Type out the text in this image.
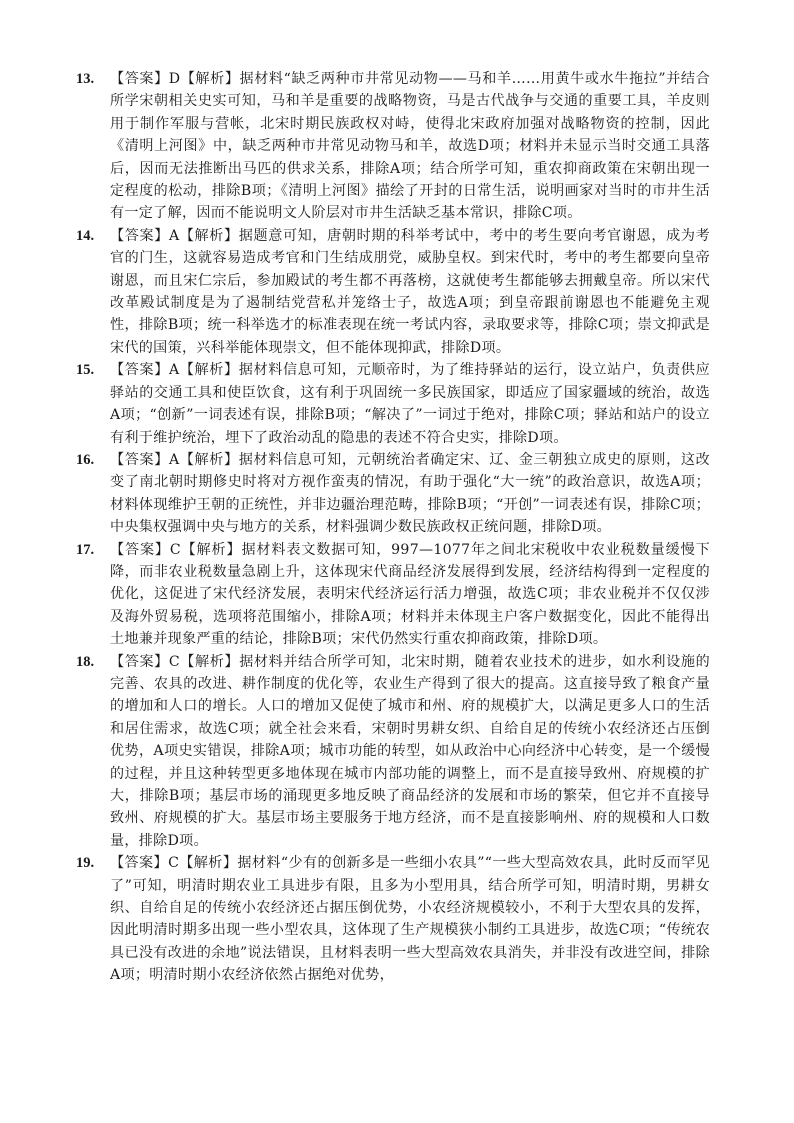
13.	【答案】D【解析】据材料“缺乏两种市井常见动物——马和羊……用黄牛或水牛拖拉”并结合所学宋朝相关史实可知，马和羊是重要的战略物资，马是古代战争与交通的重要工具，羊皮则用于制作军服与营帐，北宋时期民族政权对峙，使得北宋政府加强对战略物资的控制，因此《清明上河图》中，缺乏两种市井常见动物马和羊，故选D项；材料并未显示当时交通工具落后，因而无法推断出马匹的供求关系，排除A项；结合所学可知，重农抑商政策在宋朝出现一定程度的松动，排除B项；《清明上河图》描绘了开封的日常生活，说明画家对当时的市井生活有一定了解，因而不能说明文人阶层对市井生活缺乏基本常识，排除C项。
14.	【答案】A【解析】据题意可知，唐朝时期的科举考试中，考中的考生要向考官谢恩，成为考官的门生，这就容易造成考官和门生结成朋党，威胁皇权。到宋代时，考中的考生都要向皇帝谢恩，而且宋仁宗后，参加殿试的考生都不再落榜，这就使考生都能够去拥戴皇帝。所以宋代改革殿试制度是为了遏制结党营私并笼络士子，故选A项；到皇帝跟前谢恩也不能避免主观性，排除B项；统一科举选才的标准表现在统一考试内容，录取要求等，排除C项；崇文抑武是宋代的国策，兴科举能体现崇文，但不能体现抑武，排除D项。
15.	【答案】A【解析】据材料信息可知，元顺帝时，为了维持驿站的运行，设立站户，负责供应驿站的交通工具和使臣饮食，这有利于巩固统一多民族国家，即适应了国家疆域的统治，故选A项；“创新”一词表述有误，排除B项；“解决了”一词过于绝对，排除C项；驿站和站户的设立有利于维护统治，埋下了政治动乱的隐患的表述不符合史实，排除D项。
16.	【答案】A【解析】据材料信息可知，元朝统治者确定宋、辽、金三朝独立成史的原则，这改变了南北朝时期修史时将对方视作蛮夷的情况，有助于强化“大一统”的政治意识，故选A项；材料体现维护王朝的正统性，并非边疆治理范畴，排除B项；“开创”一词表述有误，排除C项；中央集权强调中央与地方的关系，材料强调少数民族政权正统问题，排除D项。
17.	【答案】C【解析】据材料表文数据可知，997—1077年之间北宋税收中农业税数量缓慢下降，而非农业税数量急剧上升，这体现宋代商品经济发展得到发展，经济结构得到一定程度的优化，这促进了宋代经济发展，表明宋代经济运行活力增强，故选C项；非农业税并不仅仅涉及海外贸易税，选项将范围缩小，排除A项；材料并未体现主户客户数据变化，因此不能得出土地兼并现象严重的结论，排除B项；宋代仍然实行重农抑商政策，排除D项。
18.	【答案】C【解析】据材料并结合所学可知，北宋时期，随着农业技术的进步，如水利设施的完善、农具的改进、耕作制度的优化等，农业生产得到了很大的提高。这直接导致了粮食产量的增加和人口的增长。人口的增加又促使了城市和州、府的规模扩大，以满足更多人口的生活和居住需求，故选C项；就全社会来看，宋朝时男耕女织、自给自足的传统小农经济还占压倒优势，A项史实错误，排除A项；城市功能的转型，如从政治中心向经济中心转变，是一个缓慢的过程，并且这种转型更多地体现在城市内部功能的调整上，而不是直接导致州、府规模的扩大，排除B项；基层市场的涌现更多地反映了商品经济的发展和市场的繁荣，但它并不直接导致州、府规模的扩大。基层市场主要服务于地方经济，而不是直接影响州、府的规模和人口数量，排除D项。
19.	【答案】C【解析】据材料“少有的创新多是一些细小农具”“一些大型高效农具，此时反而罕见了”可知，明清时期农业工具进步有限，且多为小型用具，结合所学可知，明清时期，男耕女织、自给自足的传统小农经济还占据压倒优势，小农经济规模较小，不利于大型农具的发挥，因此明清时期多出现一些小型农具，这体现了生产规模狭小制约工具进步，故选C项；“传统农具已没有改进的余地”说法错误，且材料表明一些大型高效农具消失，并非没有改进空间，排除A项；明清时期小农经济依然占据绝对优势，
